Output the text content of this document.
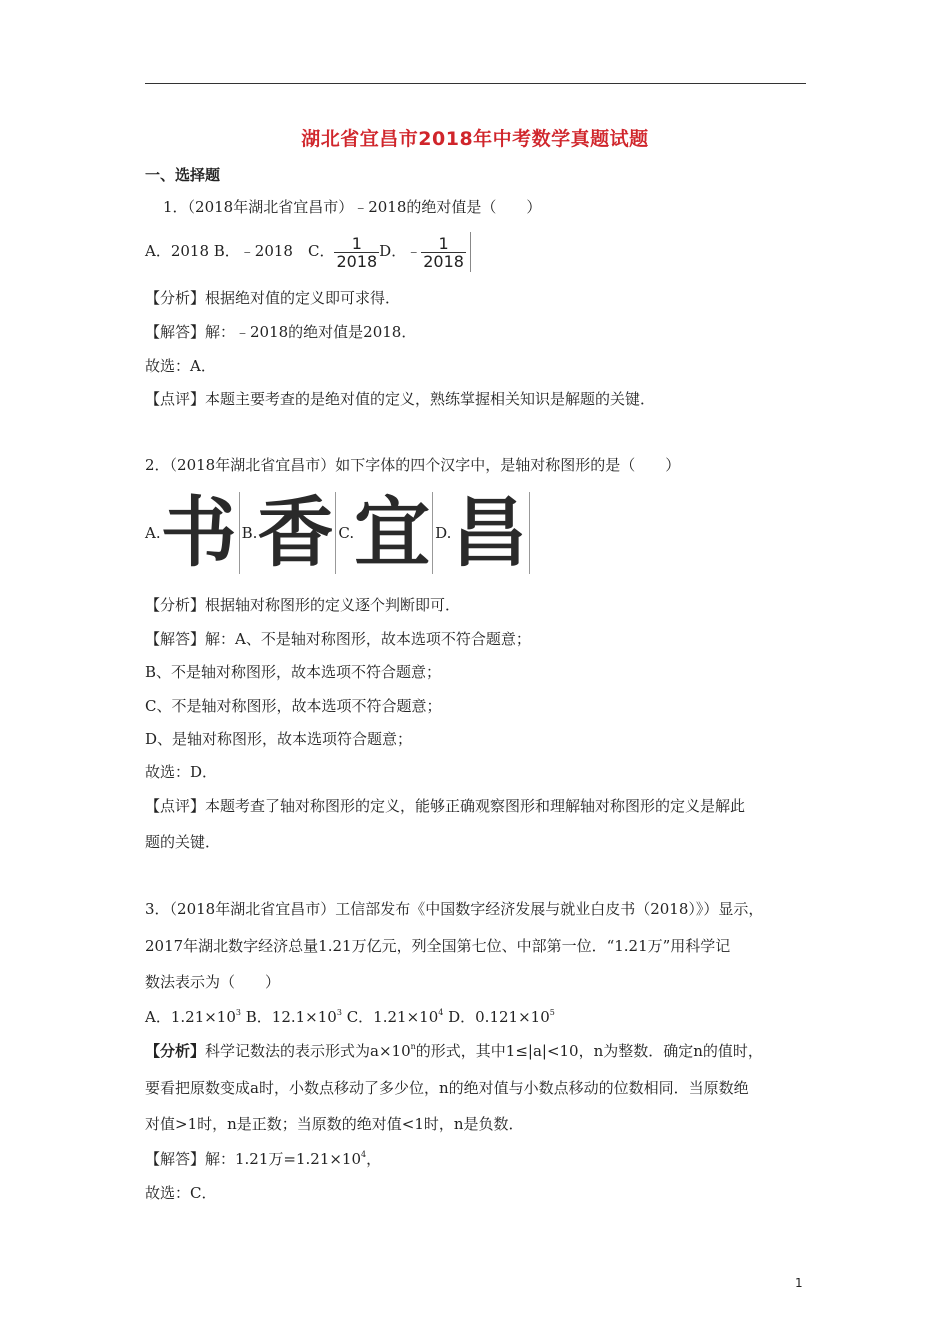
湖北省宜昌市2018年中考数学真题试题
一、选择题
1．（2018年湖北省宜昌市）﹣2018的绝对值是（　　）
A．2018 B．﹣2018　C． $\frac{1}{2018}$ D．﹣ $\frac{1}{2018}$
【分析】根据绝对值的定义即可求得．
【解答】解：﹣2018的绝对值是2018．
故选：A．
【点评】本题主要考查的是绝对值的定义，熟练掌握相关知识是解题的关键．
2．（2018年湖北省宜昌市）如下字体的四个汉字中，是轴对称图形的是（　　）
A. 书 B. 香 C. 宜 D. 昌
【分析】根据轴对称图形的定义逐个判断即可．
【解答】解：A、不是轴对称图形，故本选项不符合题意；
B、不是轴对称图形，故本选项不符合题意；
C、不是轴对称图形，故本选项不符合题意；
D、是轴对称图形，故本选项符合题意；
故选：D．
【点评】本题考查了轴对称图形的定义，能够正确观察图形和理解轴对称图形的定义是解此
题的关键．
3．（2018年湖北省宜昌市）工信部发布《中国数字经济发展与就业白皮书（2018）》）显示，
2017年湖北数字经济总量1.21万亿元，列全国第七位、中部第一位．“1.21万”用科学记
数法表示为（　　）
A．$1.21\times 10^3$ B．$12.1\times 10^3$ C．$1.21\times 10^4$ D．$0.121\times 10^5$
【分析】科学记数法的表示形式为$a\times 10^n$的形式，其中1≤|a|<10，n为整数．确定n的值时，
要看把原数变成a时，小数点移动了多少位，n的绝对值与小数点移动的位数相同．当原数绝
对值>1时，n是正数；当原数的绝对值<1时，n是负数．
【解答】解：1.21万$=1.21\times 10^4$，
故选：C．
1
